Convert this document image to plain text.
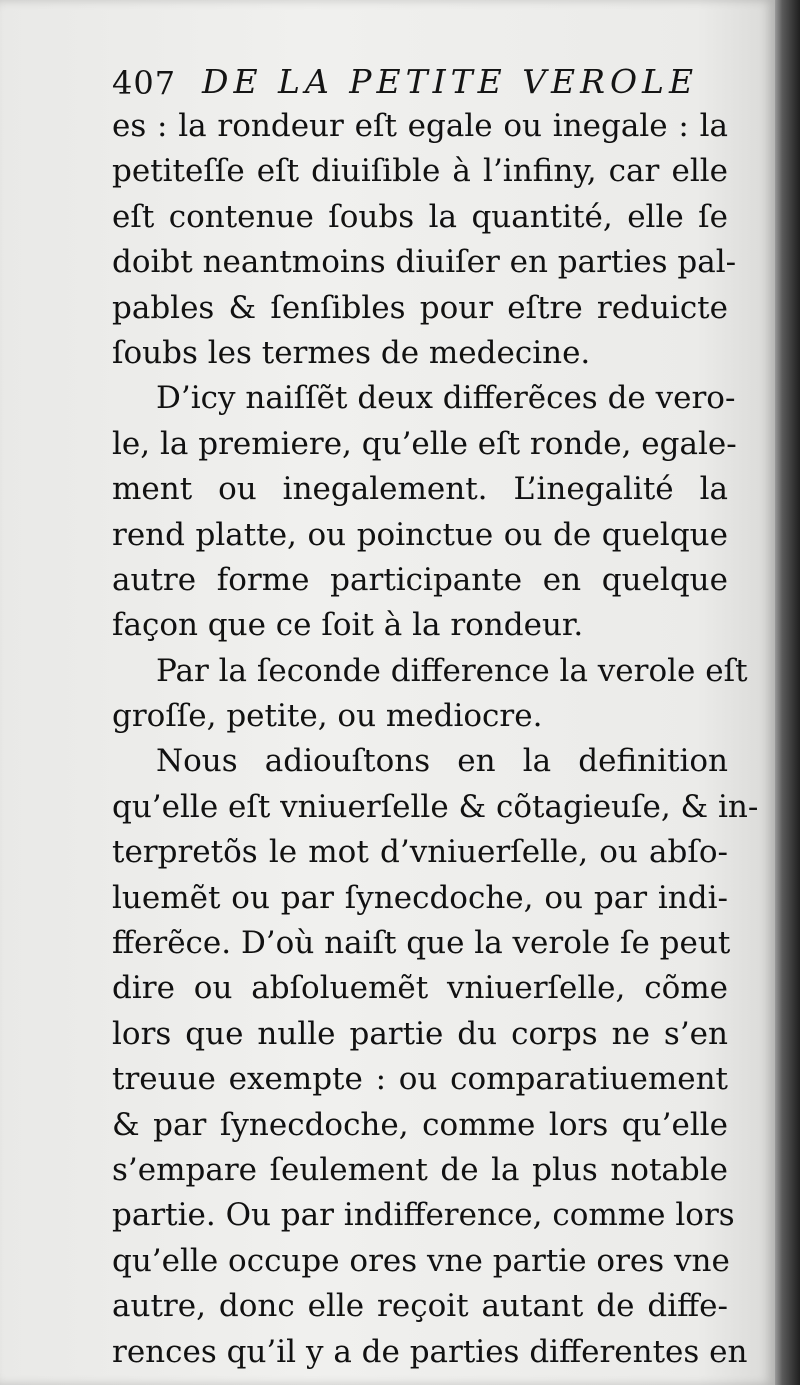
407 DE LA PETITE VEROLE
es : la rondeur eſt egale ou inegale : la
petiteſſe eſt diuiſible à l’infiny, car elle
eſt contenue ſoubs la quantité, elle ſe
doibt neantmoins diuiſer en parties pal-
pables & ſenſibles pour eſtre reduicte
ſoubs les termes de medecine.
D’icy naiſſẽt deux differẽces de vero-
le, la premiere, qu’elle eſt ronde, egale-
ment ou inegalement. L’inegalité la
rend platte, ou poinctue ou de quelque
autre forme participante en quelque
façon que ce ſoit à la rondeur.
Par la ſeconde difference la verole eſt
groſſe, petite, ou mediocre.
Nous adiouſtons en la definition
qu’elle eſt vniuerſelle & cõtagieuſe, & in-
terpretõs le mot d’vniuerſelle, ou abſo-
luemẽt ou par ſynecdoche, ou par indi-
fferẽce. D’où naiſt que la verole ſe peut
dire ou abſoluemẽt vniuerſelle, cõme
lors que nulle partie du corps ne s’en
treuue exempte : ou comparatiuement
& par ſynecdoche, comme lors qu’elle
s’empare ſeulement de la plus notable
partie. Ou par indifference, comme lors
qu’elle occupe ores vne partie ores vne
autre, donc elle reçoit autant de diffe-
rences qu’il y a de parties differentes en
